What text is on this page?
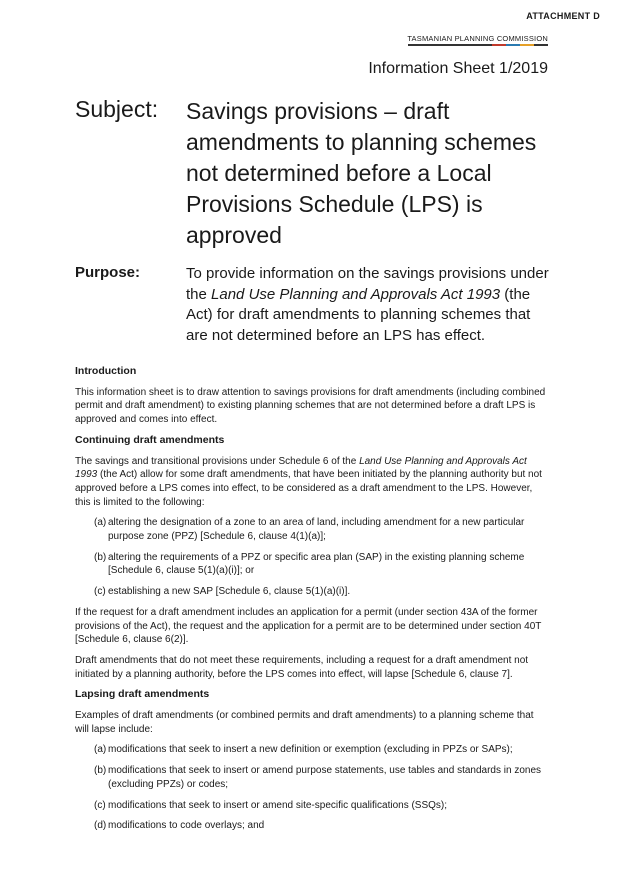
ATTACHMENT D
TASMANIAN PLANNING COMMISSION
Information Sheet 1/2019
Subject: Savings provisions – draft amendments to planning schemes not determined before a Local Provisions Schedule (LPS) is approved

Purpose:	To provide information on the savings provisions under the Land Use Planning and Approvals Act 1993 (the Act) for draft amendments to planning schemes that are not determined before an LPS has effect.

Introduction

This information sheet is to draw attention to savings provisions for draft amendments (including combined permit and draft amendment) to existing planning schemes that are not determined before a draft LPS is approved and comes into effect.

Continuing draft amendments

The savings and transitional provisions under Schedule 6 of the Land Use Planning and Approvals Act 1993 (the Act) allow for some draft amendments, that have been initiated by the planning authority but not approved before a LPS comes into effect, to be considered as a draft amendment to the LPS. However, this is limited to the following:

(a) altering the designation of a zone to an area of land, including amendment for a new particular purpose zone (PPZ) [Schedule 6, clause 4(1)(a)];
(b) altering the requirements of a PPZ or specific area plan (SAP) in the existing planning scheme [Schedule 6, clause 5(1)(a)(i)]; or
(c) establishing a new SAP [Schedule 6, clause 5(1)(a)(i)].

If the request for a draft amendment includes an application for a permit (under section 43A of the former provisions of the Act), the request and the application for a permit are to be determined under section 40T [Schedule 6, clause 6(2)].

Draft amendments that do not meet these requirements, including a request for a draft amendment not initiated by a planning authority, before the LPS comes into effect, will lapse [Schedule 6, clause 7].

Lapsing draft amendments

Examples of draft amendments (or combined permits and draft amendments) to a planning scheme that will lapse include:

(a) modifications that seek to insert a new definition or exemption (excluding in PPZs or SAPs);
(b) modifications that seek to insert or amend purpose statements, use tables and standards in zones (excluding PPZs) or codes;
(c) modifications that seek to insert or amend site-specific qualifications (SSQs);
(d) modifications to code overlays; and
